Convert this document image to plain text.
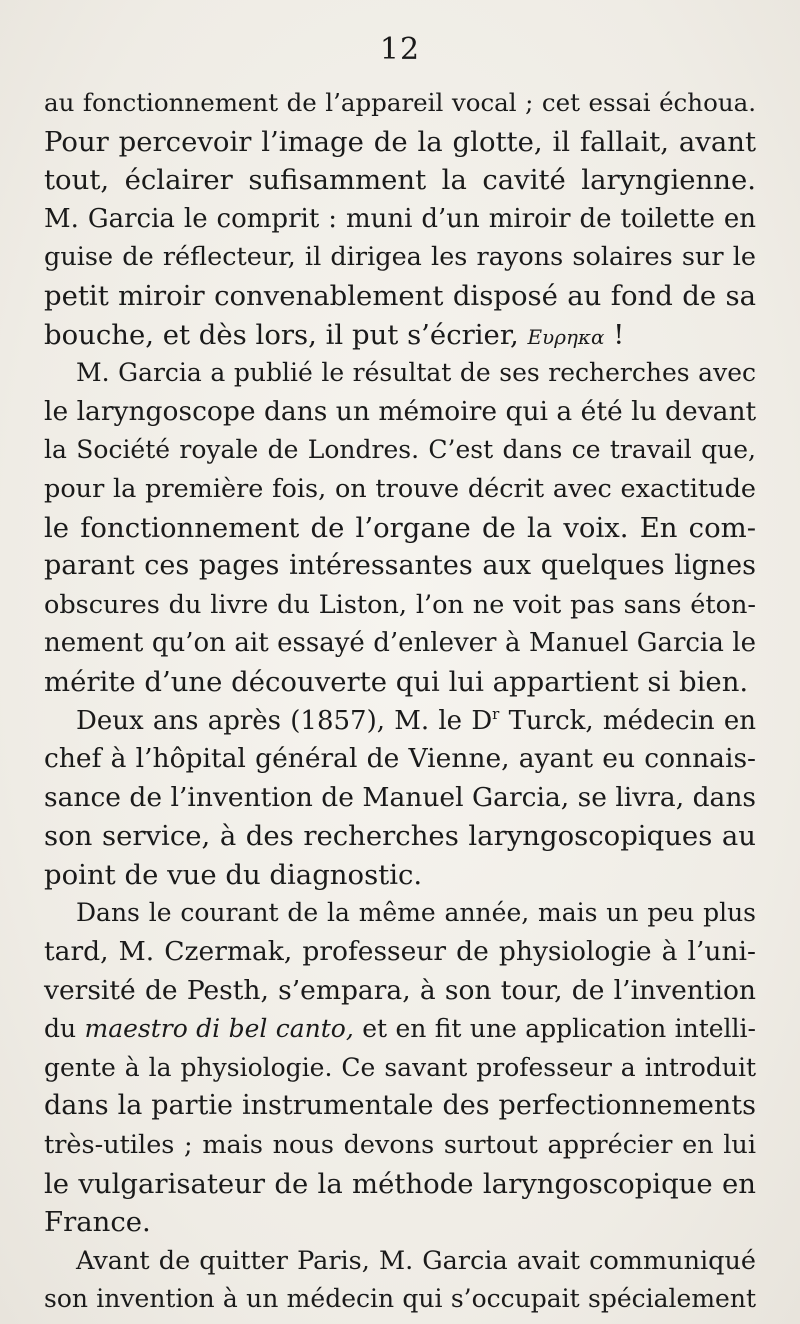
12
au fonctionnement de l’appareil vocal ; cet essai échoua.
Pour percevoir l’image de la glotte, il fallait, avant
tout, éclairer sufisamment la cavité laryngienne.
M. Garcia le comprit : muni d’un miroir de toilette en
guise de réflecteur, il dirigea les rayons solaires sur le
petit miroir convenablement disposé au fond de sa
bouche, et dès lors, il put s’écrier, Ευρηκα !
M. Garcia a publié le résultat de ses recherches avec
le laryngoscope dans un mémoire qui a été lu devant
la Société royale de Londres. C’est dans ce travail que,
pour la première fois, on trouve décrit avec exactitude
le fonctionnement de l’organe de la voix. En com-
parant ces pages intéressantes aux quelques lignes
obscures du livre du Liston, l’on ne voit pas sans éton-
nement qu’on ait essayé d’enlever à Manuel Garcia le
mérite d’une découverte qui lui appartient si bien.
Deux ans après (1857), M. le $D^r$ Turck, médecin en
chef à l’hôpital général de Vienne, ayant eu connais-
sance de l’invention de Manuel Garcia, se livra, dans
son service, à des recherches laryngoscopiques au
point de vue du diagnostic.
Dans le courant de la même année, mais un peu plus
tard, M. Czermak, professeur de physiologie à l’uni-
versité de Pesth, s’empara, à son tour, de l’invention
du maestro di bel canto, et en fit une application intelli-
gente à la physiologie. Ce savant professeur a introduit
dans la partie instrumentale des perfectionnements
très-utiles ; mais nous devons surtout apprécier en lui
le vulgarisateur de la méthode laryngoscopique en
France.
Avant de quitter Paris, M. Garcia avait communiqué
son invention à un médecin qui s’occupait spécialement
